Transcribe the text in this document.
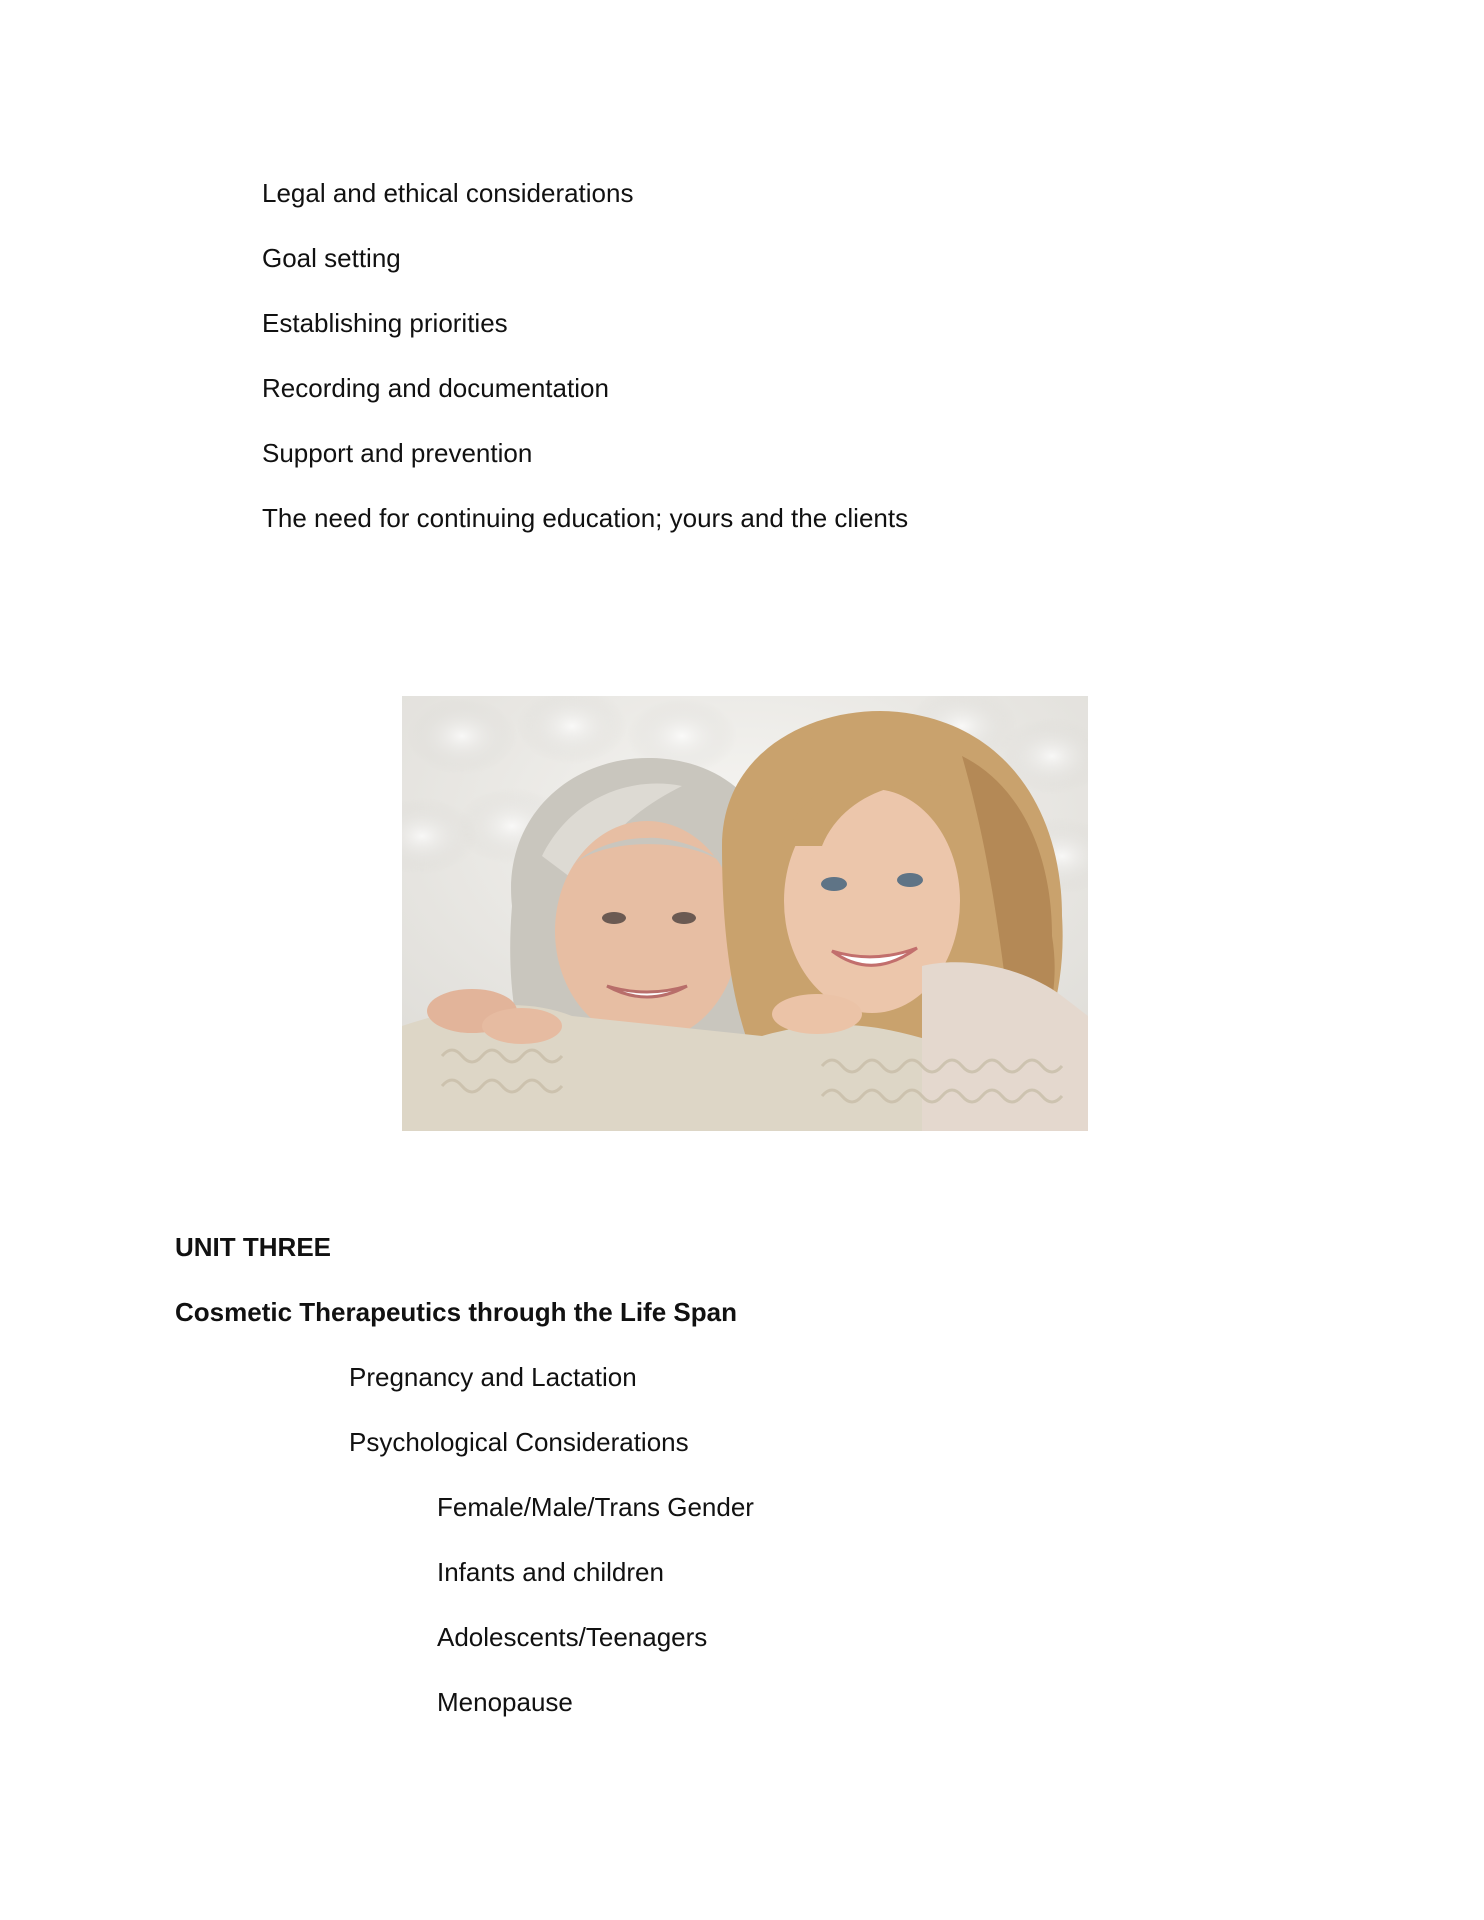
Legal and ethical considerations
Goal setting
Establishing priorities
Recording and documentation
Support and prevention
The need for continuing education; yours and the clients
UNIT THREE
Cosmetic Therapeutics through the Life Span
Pregnancy and Lactation
Psychological Considerations
Female/Male/Trans Gender
Infants and children
Adolescents/Teenagers
Menopause
